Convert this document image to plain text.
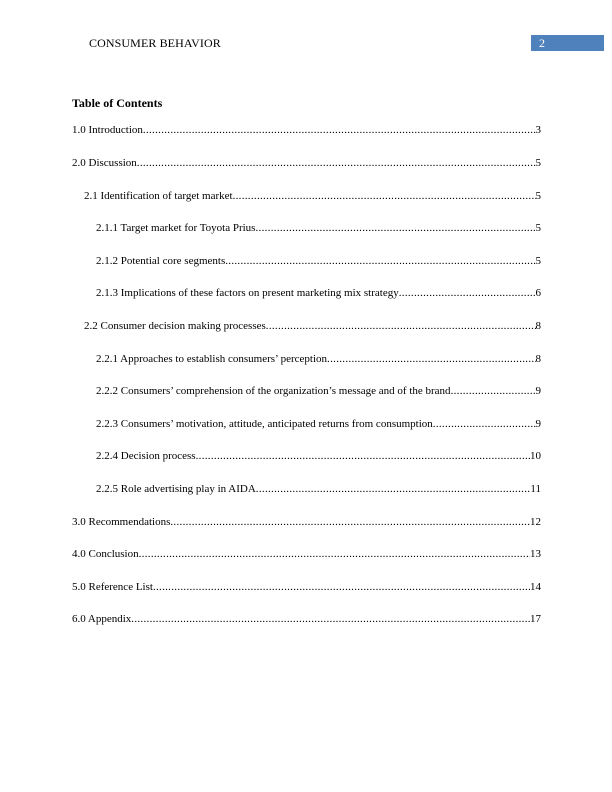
CONSUMER BEHAVIOR	2
Table of Contents
1.0 Introduction .....	3
2.0 Discussion .....	5
2.1 Identification of target market .....	5
2.1.1 Target market for Toyota Prius .....	5
2.1.2 Potential core segments .....	5
2.1.3 Implications of these factors on present marketing mix strategy .....	6
2.2 Consumer decision making processes .....	8
2.2.1 Approaches to establish consumers’ perception .....	8
2.2.2 Consumers’ comprehension of the organization’s message and of the brand .....	9
2.2.3 Consumers’ motivation, attitude, anticipated returns from consumption .....	9
2.2.4 Decision process .....	10
2.2.5 Role advertising play in AIDA .....	11
3.0 Recommendations .....	12
4.0 Conclusion .....	13
5.0 Reference List .....	14
6.0 Appendix .....	17
